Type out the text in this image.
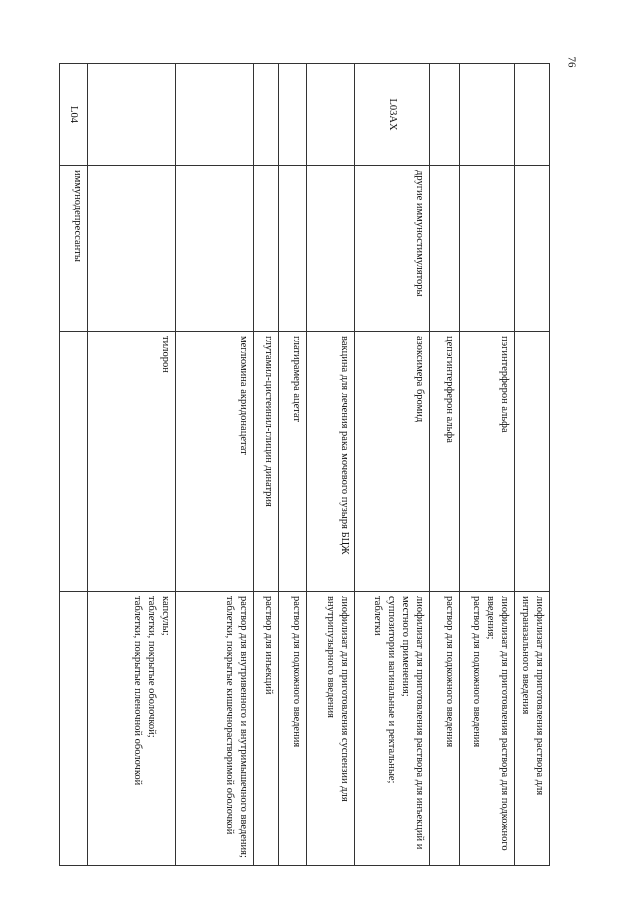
76

			лиофилизат для приготовления раствора для интраназального введения

		пэгинтерферон альфа	лиофилизат для приготовления раствора для подкожного введения;
раствор для подкожного введения

		цепэгинтерферон альфа	раствор для подкожного введения

L03AX	другие иммуностимуляторы	азоксимера бромид	лиофилизат для приготовления раствора для инъекций и местного применения;
суппозитории вагинальные и ректальные;
таблетки

		вакцина для лечения рака мочевого пузыря БЦЖ	лиофилизат для приготовления суспензии для внутрипузырного введения

		глатирамера ацетат	раствор для подкожного введения

		глутамил-цистеинил-глицин динатрия	раствор для инъекций

		меглюмина акридонацетат	раствор для внутривенного и внутримышечного введения;
таблетки, покрытые кишечнорастворимой оболочкой

		тилорон	капсулы;
таблетки, покрытые оболочкой;
таблетки, покрытые пленочной оболочкой

L04	иммунодепрессанты		
